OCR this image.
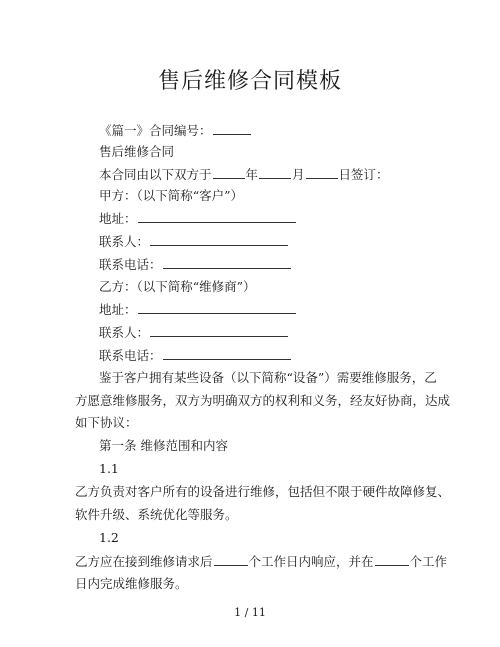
售后维修合同模板
《篇一》合同编号：
售后维修合同
本合同由以下双方于	年	月	日签订：
甲方：（以下简称“客户”）
地址：
联系人：
联系电话：
乙方：（以下简称“维修商”）
地址：
联系人：
联系电话：
鉴于客户拥有某些设备（以下简称“设备”）需要维修服务，乙
方愿意维修服务，双方为明确双方的权利和义务，经友好协商，达成
如下协议：
第一条 维修范围和内容
1.1
乙方负责对客户所有的设备进行维修，包括但不限于硬件故障修复、
软件升级、系统优化等服务。
1.2
乙方应在接到维修请求后	个工作日内响应，并在	个工作
日内完成维修服务。
1 / 11
